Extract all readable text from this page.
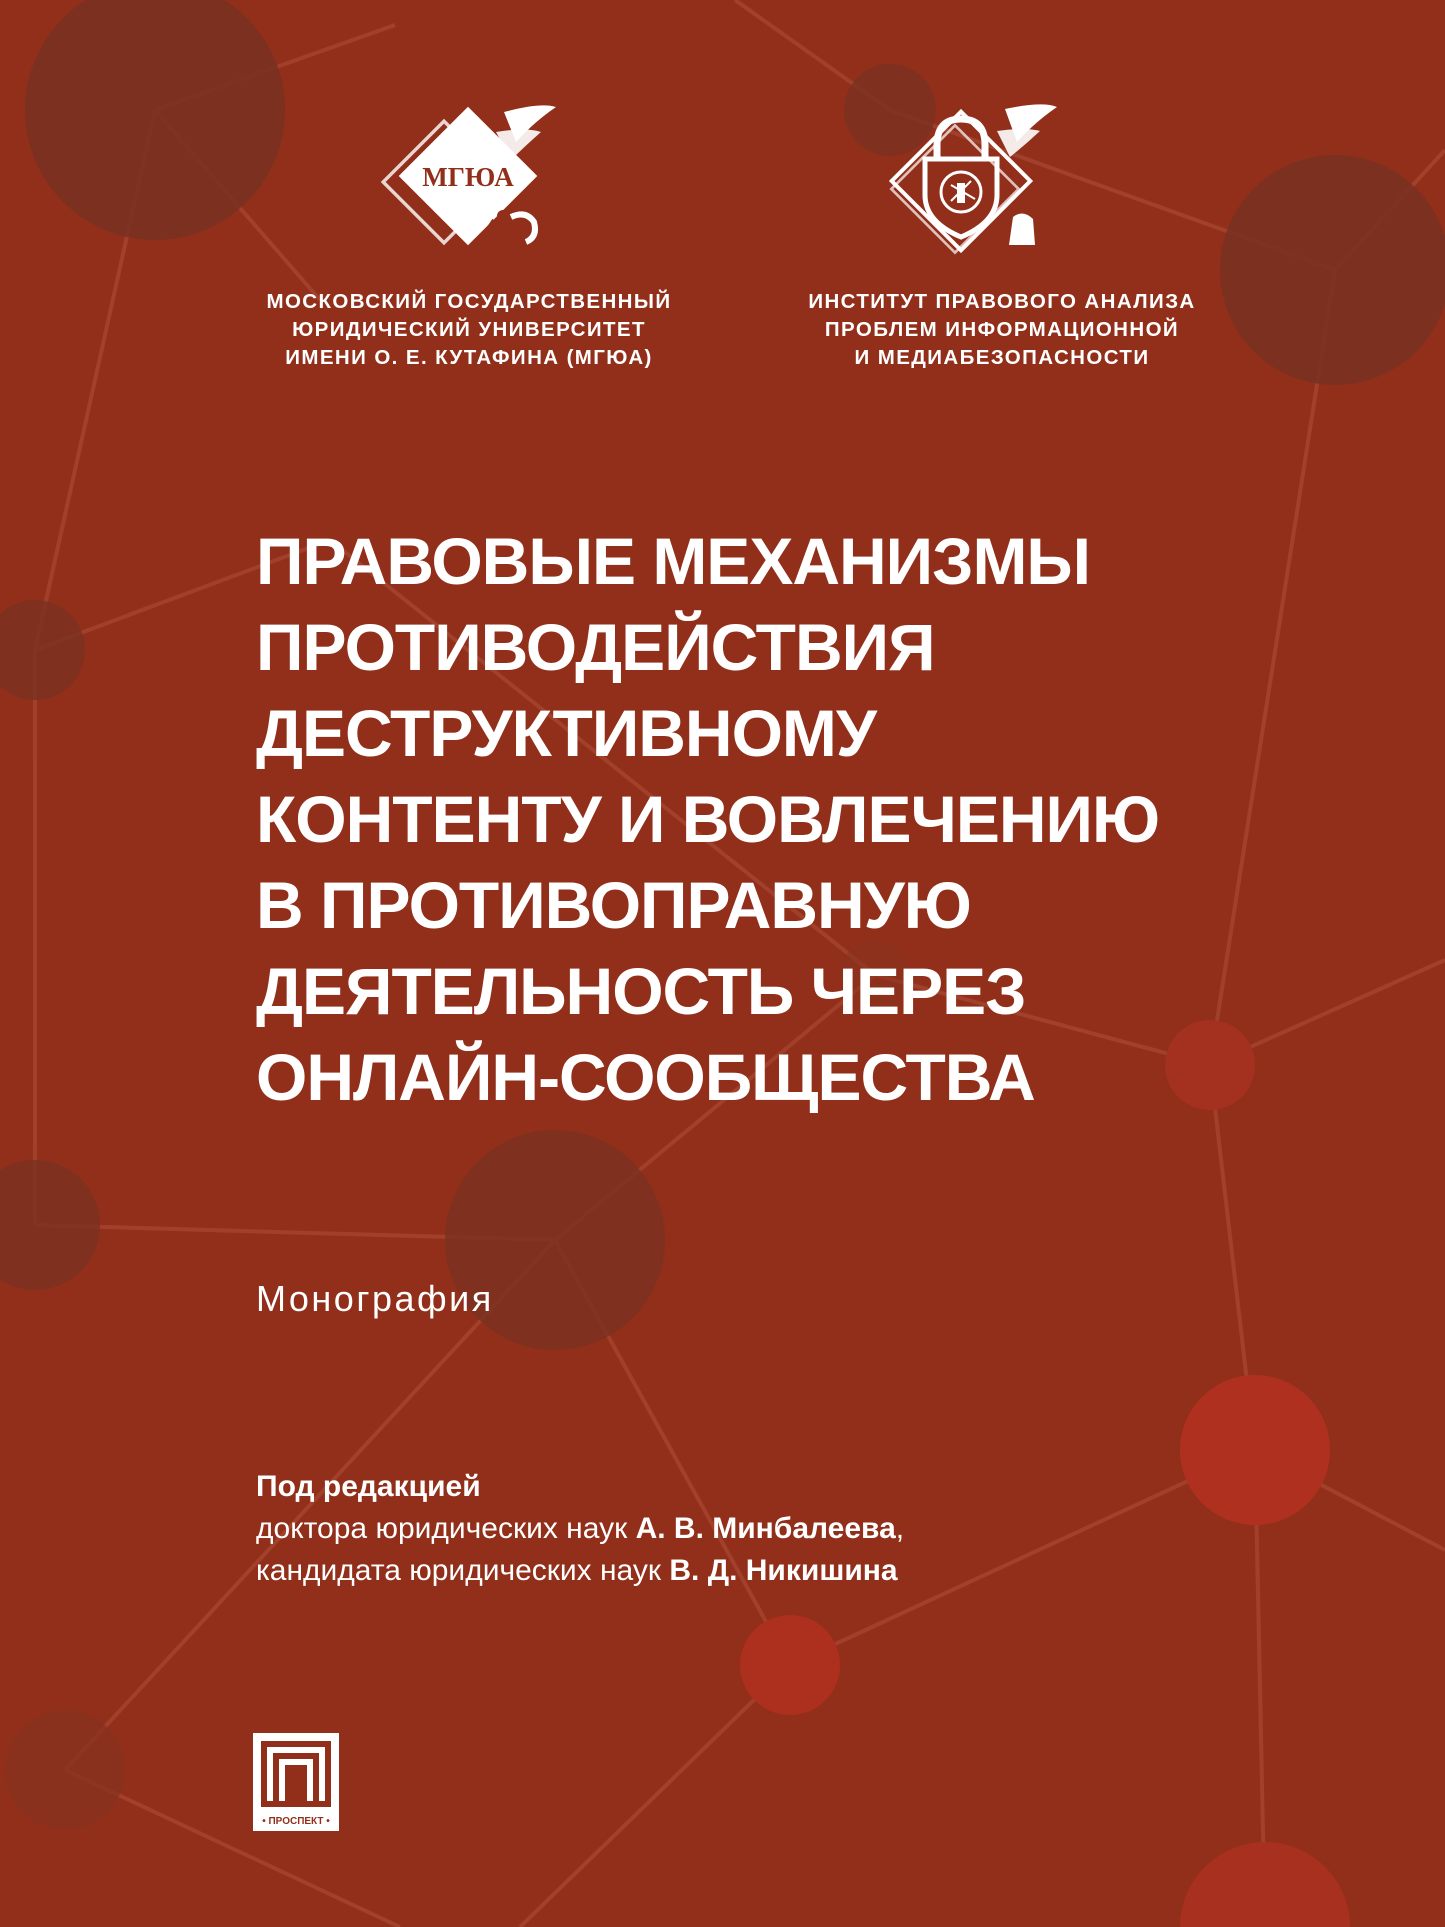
МГЮА
МОСКОВСКИЙ ГОСУДАРСТВЕННЫЙ
ЮРИДИЧЕСКИЙ УНИВЕРСИТЕТ
ИМЕНИ О. Е. КУТАФИНА (МГЮА)
ИНСТИТУТ ПРАВОВОГО АНАЛИЗА
ПРОБЛЕМ ИНФОРМАЦИОННОЙ
И МЕДИАБЕЗОПАСНОСТИ
ПРАВОВЫЕ МЕХАНИЗМЫ
ПРОТИВОДЕЙСТВИЯ
ДЕСТРУКТИВНОМУ
КОНТЕНТУ И ВОВЛЕЧЕНИЮ
В ПРОТИВОПРАВНУЮ
ДЕЯТЕЛЬНОСТЬ ЧЕРЕЗ
ОНЛАЙН-СООБЩЕСТВА
Монография
Под редакцией
доктора юридических наук А. В. Минбалеева,
кандидата юридических наук В. Д. Никишина
• ПРОСПЕКТ •
